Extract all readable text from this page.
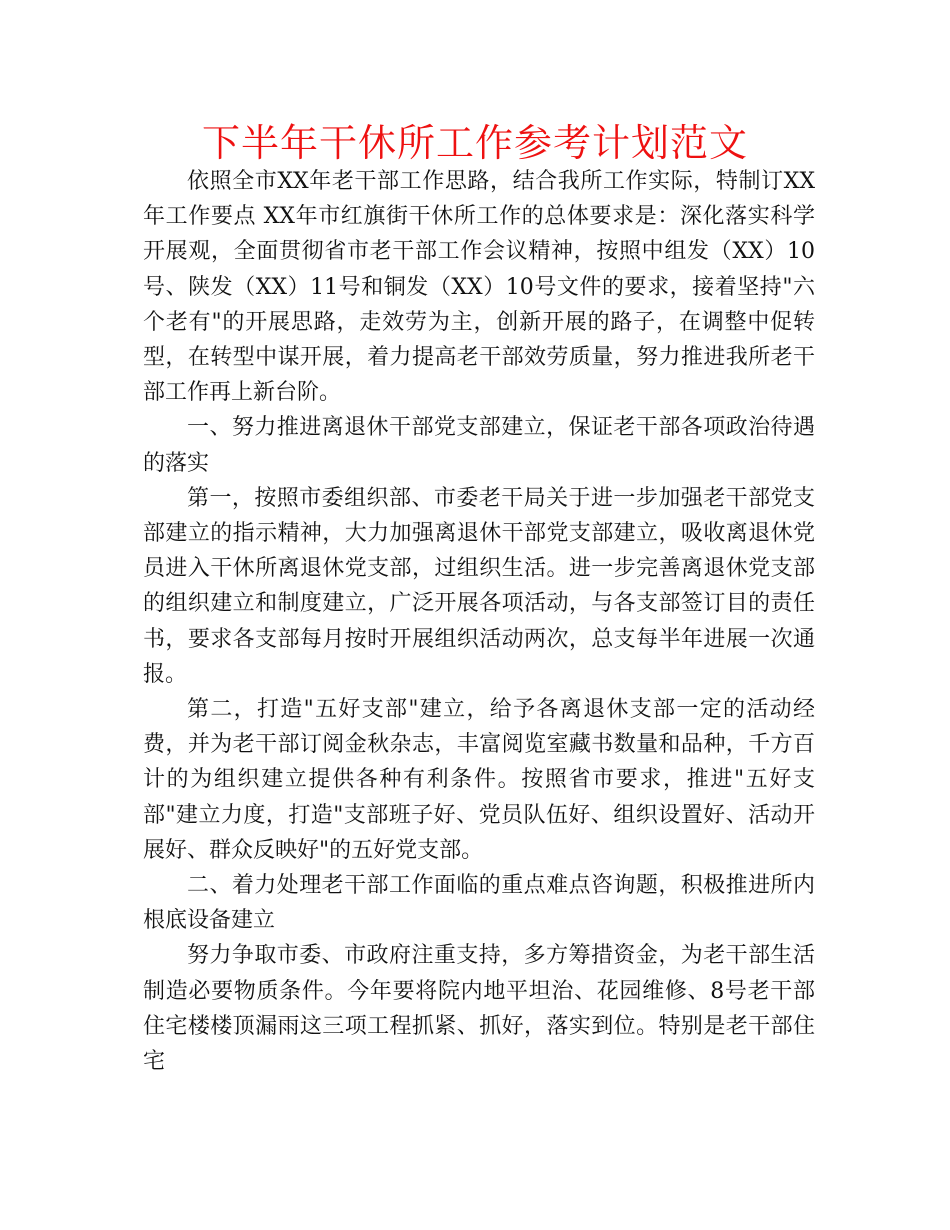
下半年干休所工作参考计划范文

依照全市XX年老干部工作思路，结合我所工作实际，特制订XX年工作要点 XX年市红旗街干休所工作的总体要求是：深化落实科学开展观，全面贯彻省市老干部工作会议精神，按照中组发（XX）10号、陕发（XX）11号和铜发（XX）10号文件的要求，接着坚持"六个老有"的开展思路，走效劳为主，创新开展的路子，在调整中促转型，在转型中谋开展，着力提高老干部效劳质量，努力推进我所老干部工作再上新台阶。

一、努力推进离退休干部党支部建立，保证老干部各项政治待遇的落实

第一，按照市委组织部、市委老干局关于进一步加强老干部党支部建立的指示精神，大力加强离退休干部党支部建立，吸收离退休党员进入干休所离退休党支部，过组织生活。进一步完善离退休党支部的组织建立和制度建立，广泛开展各项活动，与各支部签订目的责任书，要求各支部每月按时开展组织活动两次，总支每半年进展一次通报。

第二，打造"五好支部"建立，给予各离退休支部一定的活动经费，并为老干部订阅金秋杂志，丰富阅览室藏书数量和品种，千方百计的为组织建立提供各种有利条件。按照省市要求，推进"五好支部"建立力度，打造"支部班子好、党员队伍好、组织设置好、活动开展好、群众反映好"的五好党支部。

二、着力处理老干部工作面临的重点难点咨询题，积极推进所内根底设备建立

努力争取市委、市政府注重支持，多方筹措资金，为老干部生活制造必要物质条件。今年要将院内地平坦治、花园维修、8号老干部住宅楼楼顶漏雨这三项工程抓紧、抓好，落实到位。特别是老干部住宅
